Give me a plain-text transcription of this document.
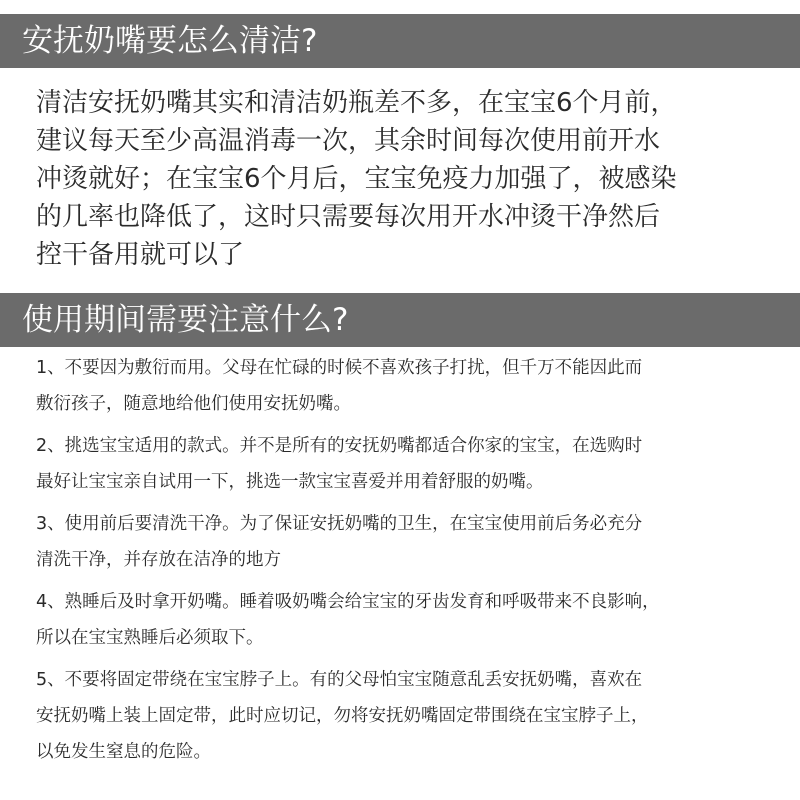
安抚奶嘴要怎么清洁?
清洁安抚奶嘴其实和清洁奶瓶差不多，在宝宝6个月前，
建议每天至少高温消毒一次，其余时间每次使用前开水
冲烫就好；在宝宝6个月后，宝宝免疫力加强了，被感染
的几率也降低了，这时只需要每次用开水冲烫干净然后
控干备用就可以了
使用期间需要注意什么?
1、不要因为敷衍而用。父母在忙碌的时候不喜欢孩子打扰，但千万不能因此而
敷衍孩子，随意地给他们使用安抚奶嘴。
2、挑选宝宝适用的款式。并不是所有的安抚奶嘴都适合你家的宝宝，在选购时
最好让宝宝亲自试用一下，挑选一款宝宝喜爱并用着舒服的奶嘴。
3、使用前后要清洗干净。为了保证安抚奶嘴的卫生，在宝宝使用前后务必充分
清洗干净，并存放在洁净的地方
4、熟睡后及时拿开奶嘴。睡着吸奶嘴会给宝宝的牙齿发育和呼吸带来不良影响，
所以在宝宝熟睡后必须取下。
5、不要将固定带绕在宝宝脖子上。有的父母怕宝宝随意乱丢安抚奶嘴，喜欢在
安抚奶嘴上装上固定带，此时应切记，勿将安抚奶嘴固定带围绕在宝宝脖子上，
以免发生窒息的危险。
